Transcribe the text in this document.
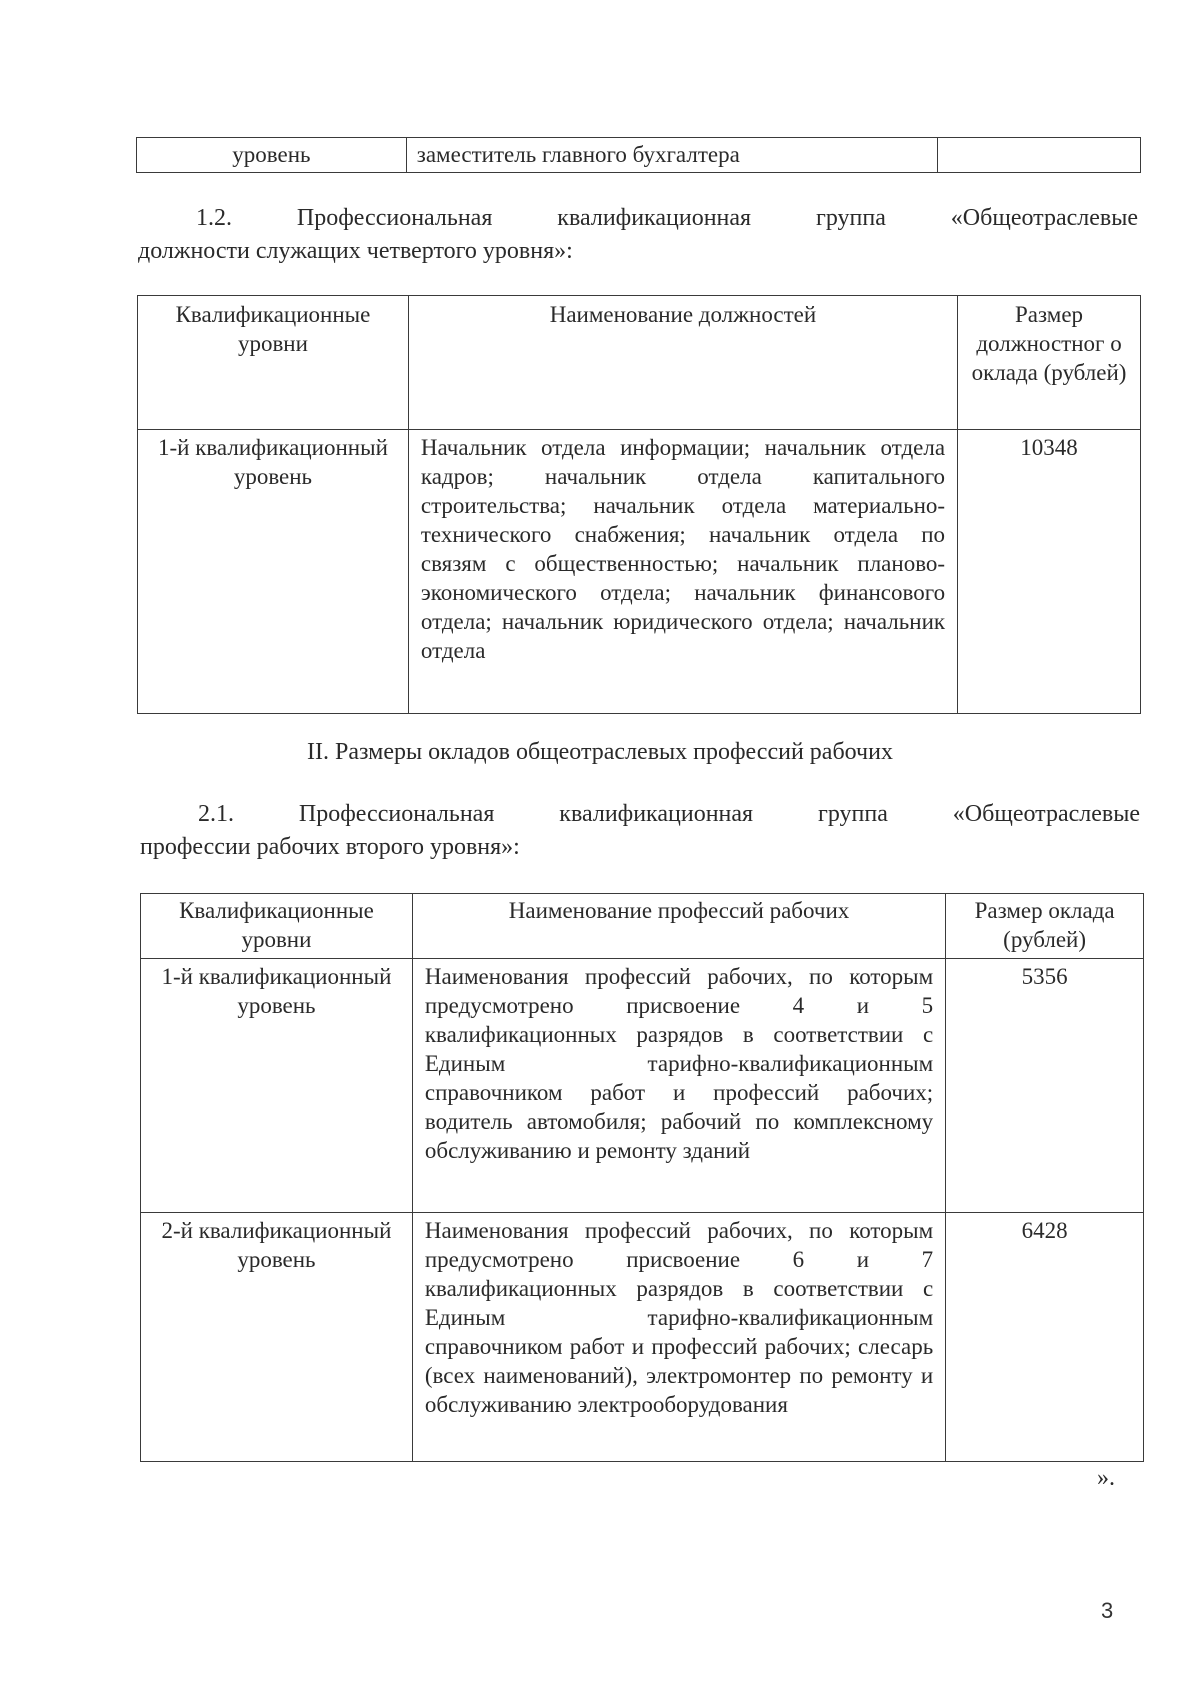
уровень	заместитель главного бухгалтера	
1.2.	Профессиональная	квалификационная	группа	«Общеотраслевые
должности служащих четвертого уровня»:
Квалификационные уровни	Наименование должностей	Размер должностног о оклада (рублей)
1-й квалификационный уровень	Начальник отдела информации; начальник отдела кадров; начальник отдела капитального строительства; начальник отдела материально-технического снабжения; начальник отдела по связям с общественностью; начальник планово-экономического отдела; начальник финансового отдела; начальник юридического отдела; начальник отдела	10348
II. Размеры окладов общеотраслевых профессий рабочих
2.1.	Профессиональная	квалификационная	группа	«Общеотраслевые
профессии рабочих второго уровня»:
Квалификационные уровни	Наименование профессий рабочих	Размер оклада (рублей)
1-й квалификационный уровень	Наименования профессий рабочих, по которым предусмотрено присвоение 4 и 5 квалификационных разрядов в соответствии с Единым тарифно-квалификационным справочником работ и профессий рабочих; водитель автомобиля; рабочий по комплексному обслуживанию и ремонту зданий	5356
2-й квалификационный уровень	Наименования профессий рабочих, по которым предусмотрено присвоение 6 и 7 квалификационных разрядов в соответствии с Единым тарифно-квалификационным справочником работ и профессий рабочих; слесарь (всех наименований), электромонтер по ремонту и обслуживанию электрооборудования	6428
».
3
